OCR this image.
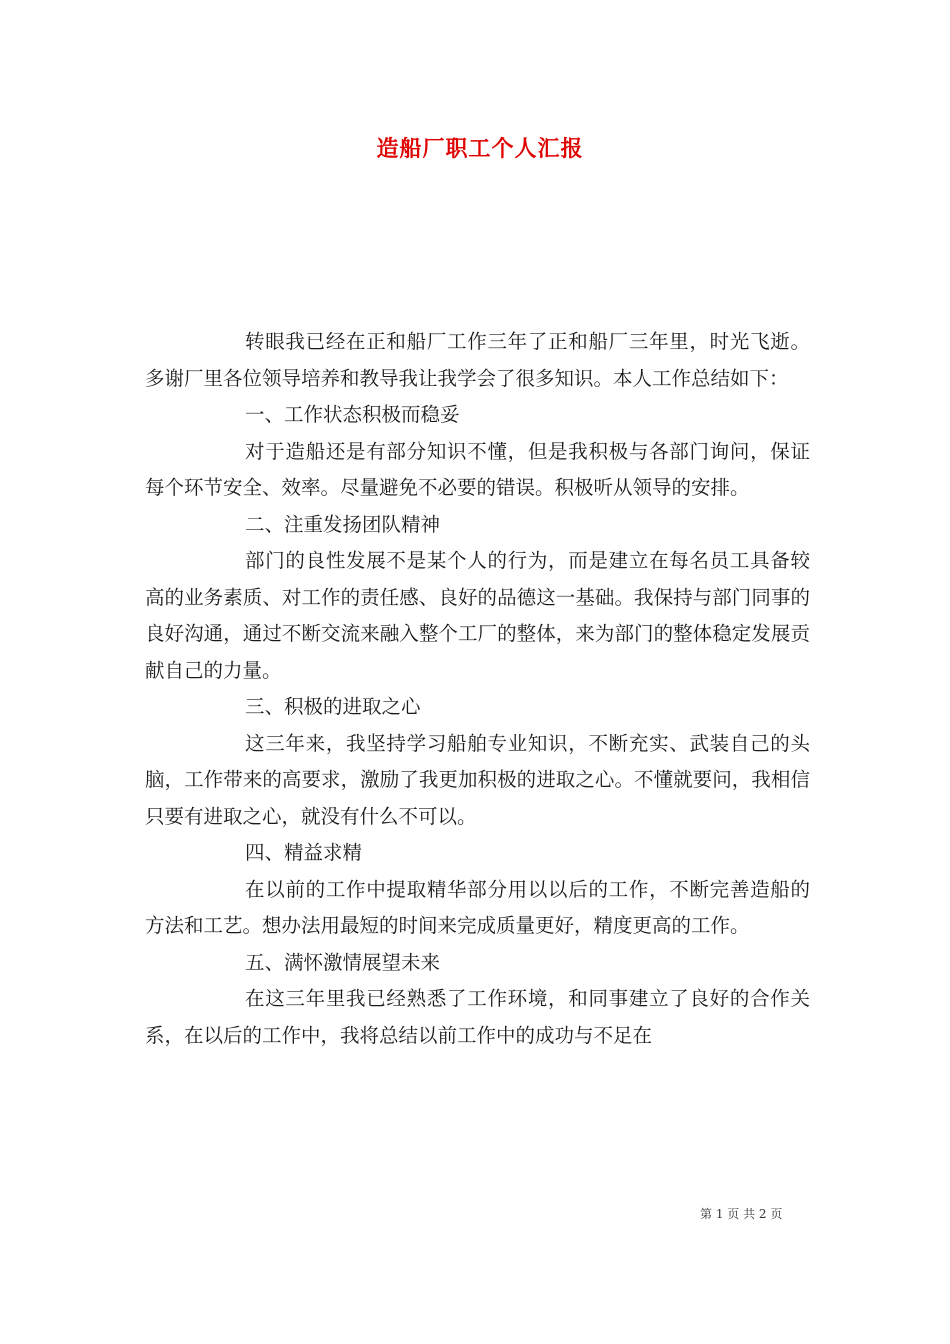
造船厂职工个人汇报

转眼我已经在正和船厂工作三年了正和船厂三年里，时光飞逝。多谢厂里各位领导培养和教导我让我学会了很多知识。本人工作总结如下：

一、工作状态积极而稳妥

对于造船还是有部分知识不懂，但是我积极与各部门询问，保证每个环节安全、效率。尽量避免不必要的错误。积极听从领导的安排。

二、注重发扬团队精神

部门的良性发展不是某个人的行为，而是建立在每名员工具备较高的业务素质、对工作的责任感、良好的品德这一基础。我保持与部门同事的良好沟通，通过不断交流来融入整个工厂的整体，来为部门的整体稳定发展贡献自己的力量。

三、积极的进取之心

这三年来，我坚持学习船舶专业知识，不断充实、武装自己的头脑，工作带来的高要求，激励了我更加积极的进取之心。不懂就要问，我相信只要有进取之心，就没有什么不可以。

四、精益求精

在以前的工作中提取精华部分用以以后的工作，不断完善造船的方法和工艺。想办法用最短的时间来完成质量更好，精度更高的工作。

五、满怀激情展望未来

在这三年里我已经熟悉了工作环境，和同事建立了良好的合作关系，在以后的工作中，我将总结以前工作中的成功与不足在

第 1 页 共 2 页
